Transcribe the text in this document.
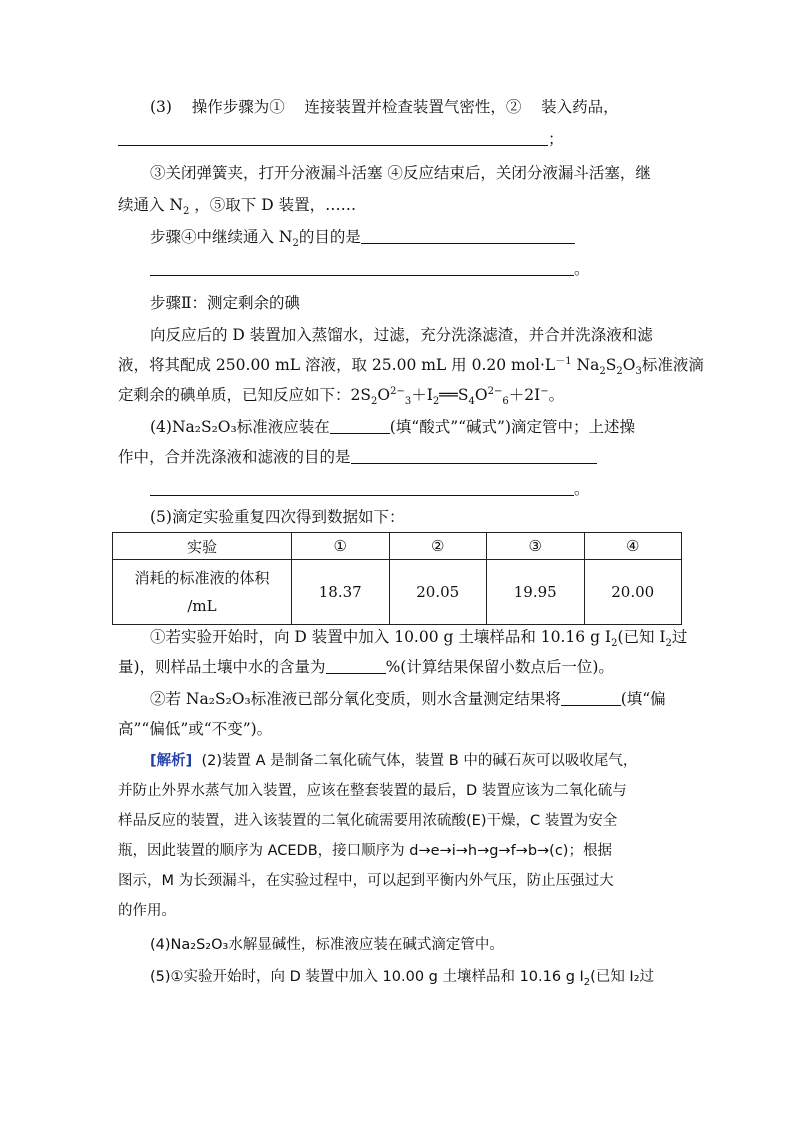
(3) 操作步骤为① 连接装置并检查装置气密性，② 装入药品，
；
③关闭弹簧夹，打开分液漏斗活塞 ④反应结束后，关闭分液漏斗活塞，继
续通入 $N_2$ ，⑤取下 D 装置，……
步骤④中继续通入 $N_2$的目的是
。
步骤Ⅱ：测定剩余的碘
向反应后的 D 装置加入蒸馏水，过滤，充分洗涤滤渣，并合并洗涤液和滤
液，将其配成 250.00 mL 溶液，取 25.00 mL 用 0.20 $mol\cdot L^{-1}$ $Na_2S_2O_3$标准液滴
定剩余的碘单质，已知反应如下：$2S_2O^{2-}_3+I_2══S_4O^{2-}_6+2I^-$。
(4)Na₂S₂O₃标准液应装在	(填“酸式”“碱式”)滴定管中；上述操
作中，合并洗涤液和滤液的目的是
。
(5)滴定实验重复四次得到数据如下：
实验	①	②	③	④
消耗的标准液的体积
/mL	18.37	20.05	19.95	20.00
①若实验开始时，向 D 装置中加入 10.00 g 土壤样品和 10.16 g $I_2$(已知 $I_2$过
量)，则样品土壤中水的含量为	%(计算结果保留小数点后一位)。
②若 Na₂S₂O₃标准液已部分氧化变质，则水含量测定结果将	(填“偏
高”“偏低”或“不变”)。
[解析] (2)装置 A 是制备二氧化硫气体，装置 B 中的碱石灰可以吸收尾气，
并防止外界水蒸气加入装置，应该在整套装置的最后，D 装置应该为二氧化硫与
样品反应的装置，进入该装置的二氧化硫需要用浓硫酸(E)干燥，C 装置为安全
瓶，因此装置的顺序为 ACEDB，接口顺序为 d→e→i→h→g→f→b→(c)；根据
图示，M 为长颈漏斗，在实验过程中，可以起到平衡内外气压，防止压强过大
的作用。
(4)Na₂S₂O₃水解显碱性，标准液应装在碱式滴定管中。
(5)①实验开始时，向 D 装置中加入 10.00 g 土壤样品和 10.16 g $I_2$(已知 I₂过
